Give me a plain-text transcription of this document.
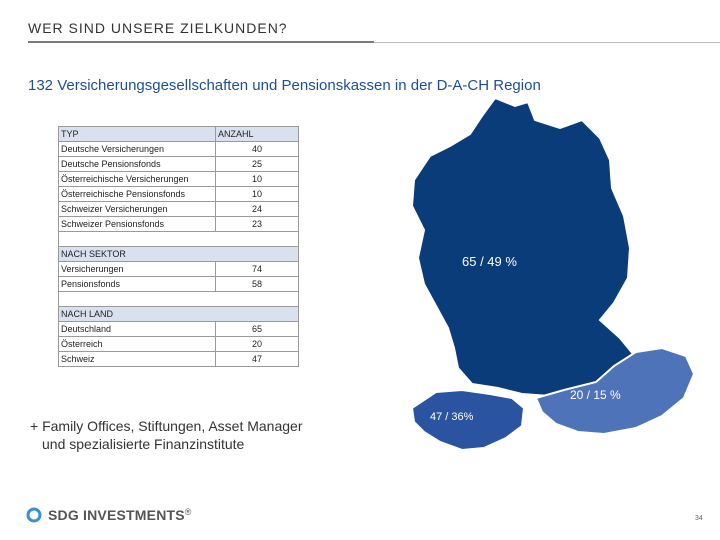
WER SIND UNSERE ZIELKUNDEN?
132 Versicherungsgesellschaften und Pensionskassen in der D-A-CH Region
TYP	ANZAHL
Deutsche Versicherungen	40
Deutsche Pensionsfonds	25
Österreichische Versicherungen	10
Österreichische Pensionsfonds	10
Schweizer Versicherungen	24
Schweizer Pensionsfonds	23

NACH SEKTOR	
Versicherungen	74
Pensionsfonds	58

NACH LAND	
Deutschland	65
Österreich	20
Schweiz	47
65 / 49 %
20 / 15 %
47 / 36%
+ Family Offices, Stiftungen, Asset Manager
und spezialisierte Finanzinstitute
SDG INVESTMENTS ®
34
